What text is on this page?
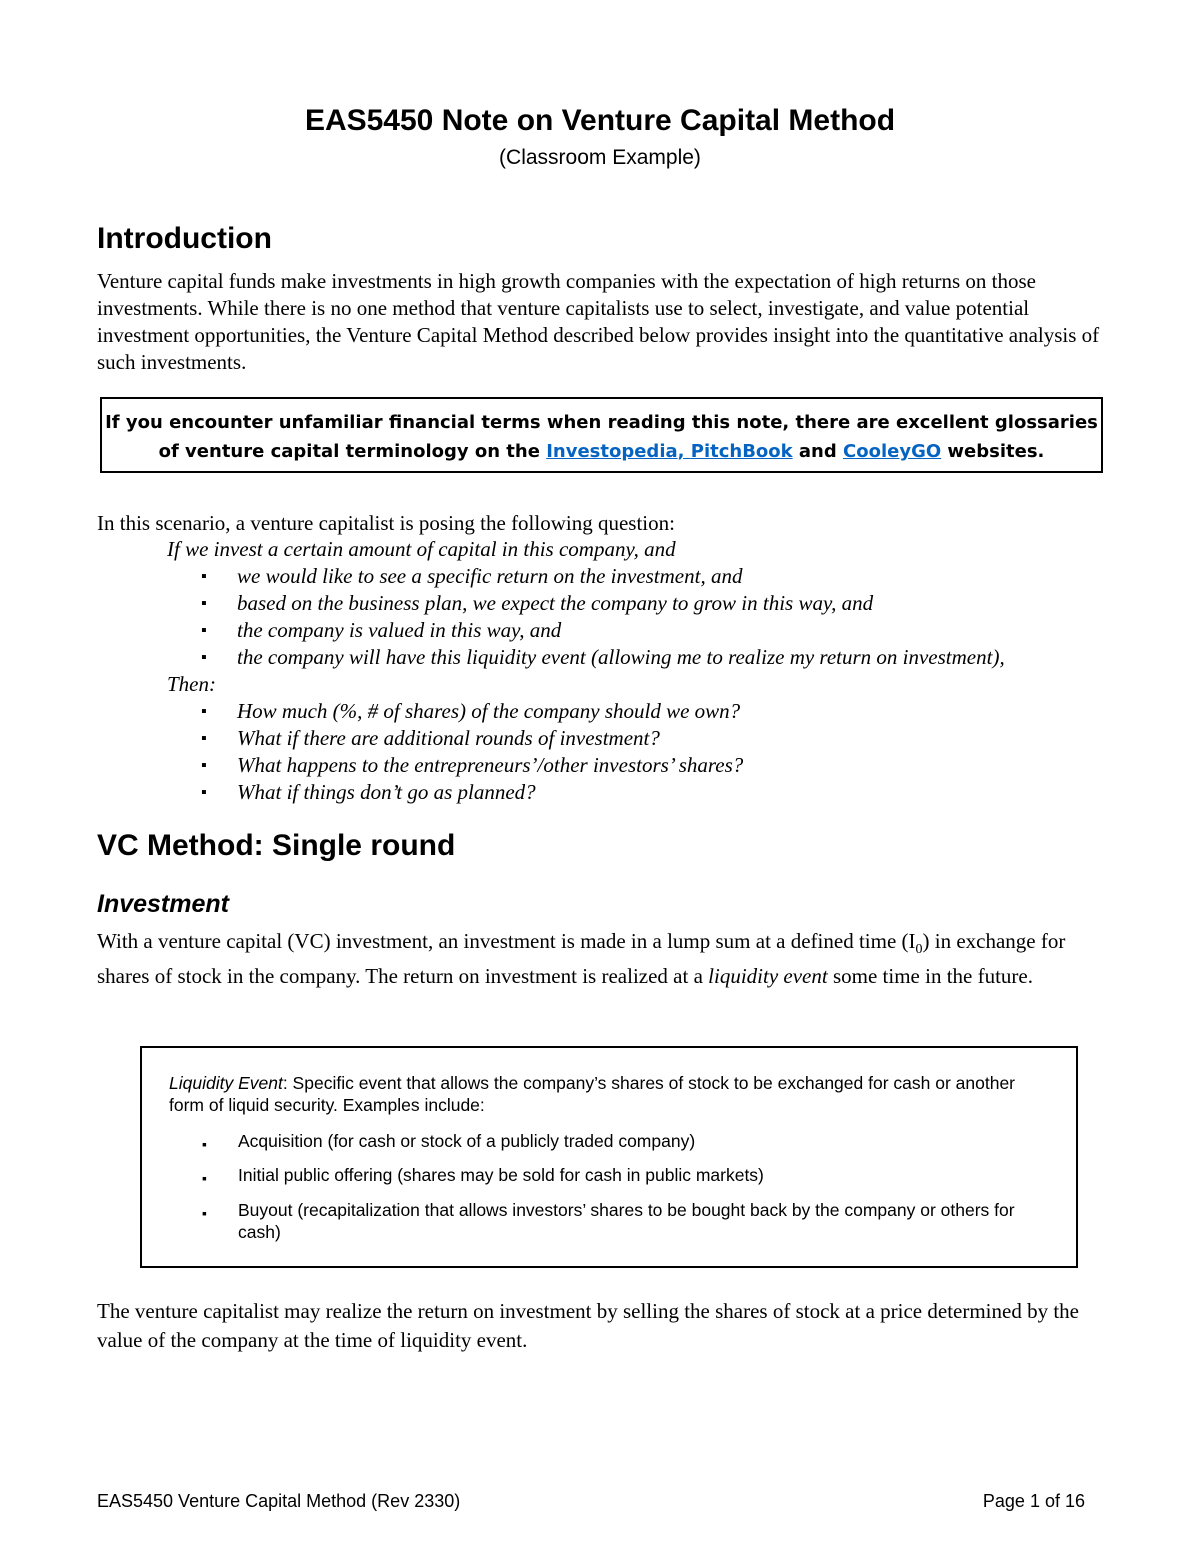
EAS5450 Note on Venture Capital Method

(Classroom Example)

Introduction

Venture capital funds make investments in high growth companies with the expectation of high returns on those investments. While there is no one method that venture capitalists use to select, investigate, and value potential investment opportunities, the Venture Capital Method described below provides insight into the quantitative analysis of such investments.

If you encounter unfamiliar financial terms when reading this note, there are excellent glossaries of venture capital terminology on the Investopedia, PitchBook and CooleyGO websites.

In this scenario, a venture capitalist is posing the following question:

If we invest a certain amount of capital in this company, and
▪ we would like to see a specific return on the investment, and
▪ based on the business plan, we expect the company to grow in this way, and
▪ the company is valued in this way, and
▪ the company will have this liquidity event (allowing me to realize my return on investment),
Then:
▪ How much (%, # of shares) of the company should we own?
▪ What if there are additional rounds of investment?
▪ What happens to the entrepreneurs’/other investors’ shares?
▪ What if things don’t go as planned?
VC Method: Single round
Investment

With a venture capital (VC) investment, an investment is made in a lump sum at a defined time $(I_0)$ in exchange for shares of stock in the company. The return on investment is realized at a liquidity event some time in the future.

Liquidity Event: Specific event that allows the company’s shares of stock to be exchanged for cash or another form of liquid security. Examples include:

▪ Acquisition (for cash or stock of a publicly traded company)

▪ Initial public offering (shares may be sold for cash in public markets)

▪ Buyout (recapitalization that allows investors’ shares to be bought back by the company or others for cash)

The venture capitalist may realize the return on investment by selling the shares of stock at a price determined by the value of the company at the time of liquidity event.

EAS5450 Venture Capital Method (Rev 2330)	Page 1 of 16
